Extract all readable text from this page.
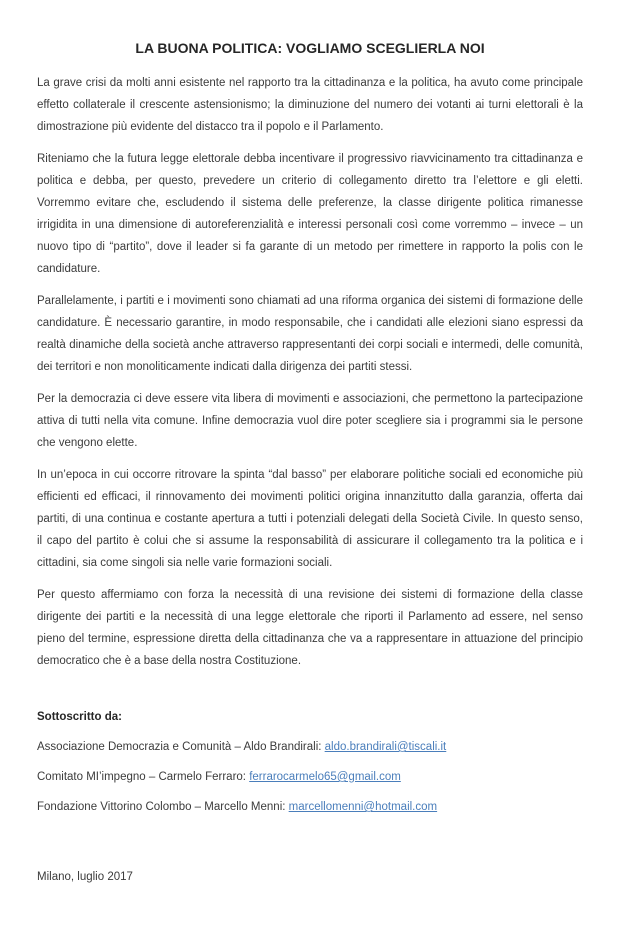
LA BUONA POLITICA: VOGLIAMO SCEGLIERLA NOI

La grave crisi da molti anni esistente nel rapporto tra la cittadinanza e la politica, ha avuto come principale effetto collaterale il crescente astensionismo; la diminuzione del numero dei votanti ai turni elettorali è la dimostrazione più evidente del distacco tra il popolo e il Parlamento.

Riteniamo che la futura legge elettorale debba incentivare il progressivo riavvicinamento tra cittadinanza e politica e debba, per questo, prevedere un criterio di collegamento diretto tra l’elettore e gli eletti. Vorremmo evitare che, escludendo il sistema delle preferenze, la classe dirigente politica rimanesse irrigidita in una dimensione di autoreferenzialità e interessi personali così come vorremmo – invece – un nuovo tipo di “partito”, dove il leader si fa garante di un metodo per rimettere in rapporto la polis con le candidature.

Parallelamente, i partiti e i movimenti sono chiamati ad una riforma organica dei sistemi di formazione delle candidature. È necessario garantire, in modo responsabile, che i candidati alle elezioni siano espressi da realtà dinamiche della società anche attraverso rappresentanti dei corpi sociali e intermedi, delle comunità, dei territori e non monoliticamente indicati dalla dirigenza dei partiti stessi.

Per la democrazia ci deve essere vita libera di movimenti e associazioni, che permettono la partecipazione attiva di tutti nella vita comune. Infine democrazia vuol dire poter scegliere sia i programmi sia le persone che vengono elette.

In un’epoca in cui occorre ritrovare la spinta “dal basso” per elaborare politiche sociali ed economiche più efficienti ed efficaci, il rinnovamento dei movimenti politici origina innanzitutto dalla garanzia, offerta dai partiti, di una continua e costante apertura a tutti i potenziali delegati della Società Civile. In questo senso, il capo del partito è colui che si assume la responsabilità di assicurare il collegamento tra la politica e i cittadini, sia come singoli sia nelle varie formazioni sociali.

Per questo affermiamo con forza la necessità di una revisione dei sistemi di formazione della classe dirigente dei partiti e la necessità di una legge elettorale che riporti il Parlamento ad essere, nel senso pieno del termine, espressione diretta della cittadinanza che va a rappresentare in attuazione del principio democratico che è a base della nostra Costituzione.

Sottoscritto da:

Associazione Democrazia e Comunità – Aldo Brandirali: aldo.brandirali@tiscali.it

Comitato MI’impegno – Carmelo Ferraro: ferrarocarmelo65@gmail.com

Fondazione Vittorino Colombo – Marcello Menni: marcellomenni@hotmail.com

Milano, luglio 2017
